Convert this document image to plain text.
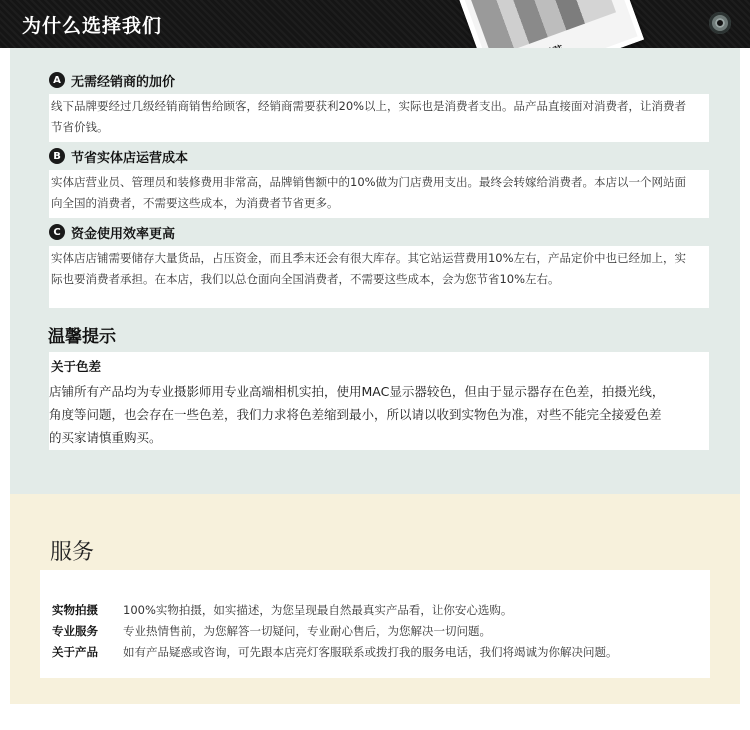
为什么选择我们
A 无需经销商的加价
线下品牌要经过几级经销商销售给顾客，经销商需要获利20%以上，实际也是消费者支出。品产品直接面对消费者，让消费者
节省价钱。
B 节省实体店运营成本
实体店营业员、管理员和装修费用非常高，品牌销售额中的10%做为门店费用支出。最终会转嫁给消费者。本店以一个网站面
向全国的消费者，不需要这些成本，为消费者节省更多。
C 资金使用效率更高
实体店店铺需要储存大量货品，占压资金，而且季末还会有很大库存。其它站运营费用10%左右，产品定价中也已经加上，实
际也要消费者承担。在本店，我们以总仓面向全国消费者，不需要这些成本，会为您节省10%左右。
温馨提示
关于色差
店铺所有产品均为专业摄影师用专业高端相机实拍，使用MAC显示器较色，但由于显示器存在色差，拍摄光线，
角度等问题，也会存在一些色差，我们力求将色差缩到最小，所以请以收到实物色为准，对些不能完全接爱色差
的买家请慎重购买。
服务
实物拍摄 100%实物拍摄，如实描述，为您呈现最自然最真实产品看，让你安心选购。
专业服务 专业热情售前，为您解答一切疑问，专业耐心售后，为您解决一切问题。
关于产品 如有产品疑惑或咨询，可先跟本店亮灯客服联系或拨打我的服务电话，我们将竭诚为你解决问题。
